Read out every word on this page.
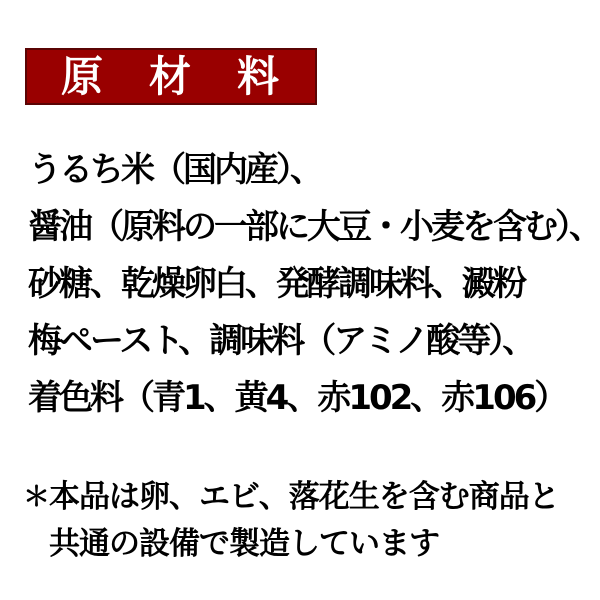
原　材　料
うるち米（国内産）、
醤油（原料の一部に大豆・小麦を含む）、
砂糖、乾燥卵白、発酵調味料、澱粉
梅ペースト、調味料（アミノ酸等）、
着色料（青1、黄4、赤102、赤106）
＊ 本品は卵、エビ、落花生を含む商品と
共通の設備で製造しています
